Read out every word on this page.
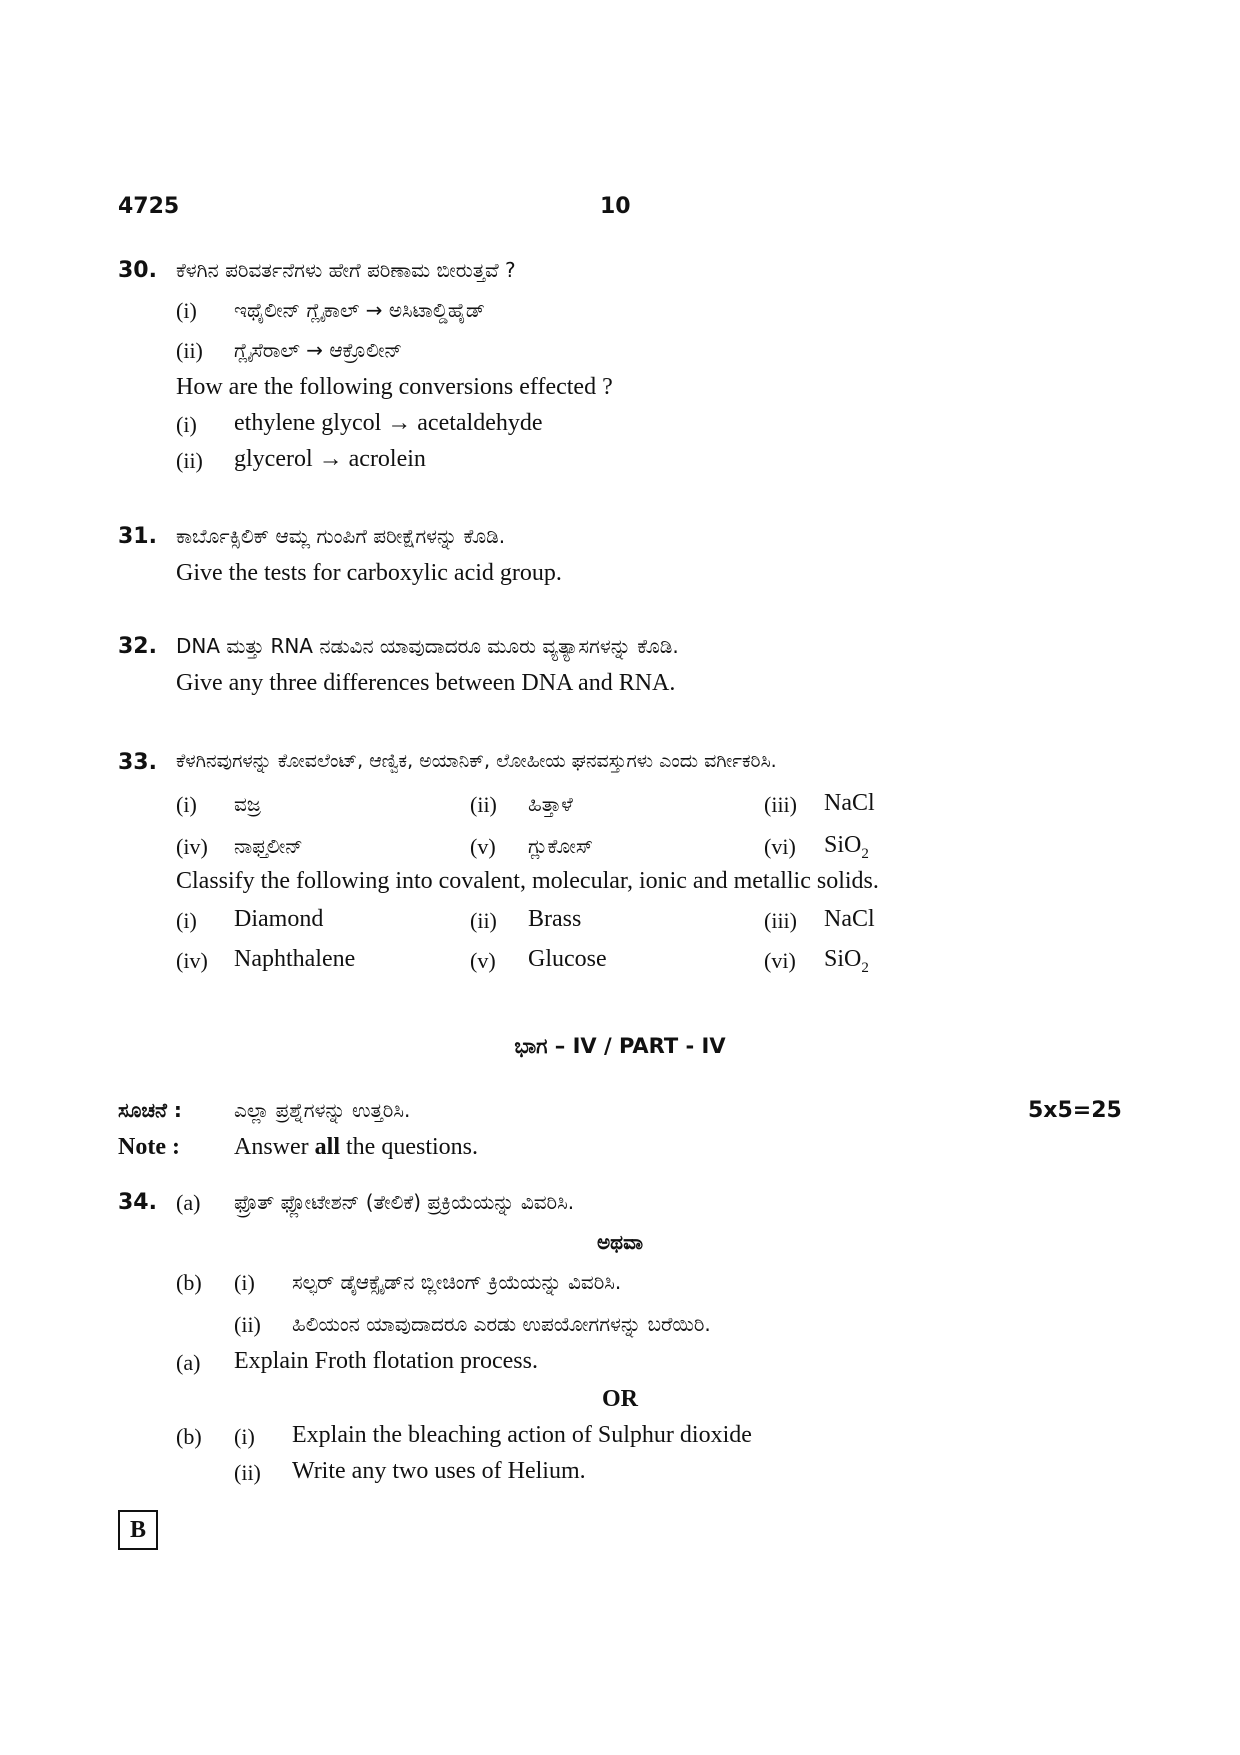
4725	10
30. ಕೆಳಗಿನ ಪರಿವರ್ತನೆಗಳು ಹೇಗೆ ಪರಿಣಾಮ ಬೀರುತ್ತವೆ ?
(i) ಇಥೈಲೀನ್ ಗ್ಲೈಕಾಲ್ → ಅಸಿಟಾಲ್ಡಿಹೈಡ್
(ii) ಗ್ಲೈಸೆರಾಲ್ → ಆಕ್ರೊಲೀನ್
How are the following conversions effected ?
(i) ethylene glycol → acetaldehyde
(ii) glycerol → acrolein
31. ಕಾರ್ಬೊಕ್ಸಿಲಿಕ್ ಆಮ್ಲ ಗುಂಪಿಗೆ ಪರೀಕ್ಷೆಗಳನ್ನು ಕೊಡಿ.
Give the tests for carboxylic acid group.
32. DNA ಮತ್ತು RNA ನಡುವಿನ ಯಾವುದಾದರೂ ಮೂರು ವ್ಯತ್ಯಾಸಗಳನ್ನು ಕೊಡಿ.
Give any three differences between DNA and RNA.
33. ಕೆಳಗಿನವುಗಳನ್ನು ಕೋವಲೆಂಟ್, ಆಣ್ವಿಕ, ಅಯಾನಿಕ್, ಲೋಹೀಯ ಘನವಸ್ತುಗಳು ಎಂದು ವರ್ಗೀಕರಿಸಿ.
(i) ವಜ್ರ	(ii) ಹಿತ್ತಾಳೆ	(iii) NaCl
(iv) ನಾಫ್ತಲೀನ್	(v) ಗ್ಲುಕೋಸ್	(vi) SiO$_2$
Classify the following into covalent, molecular, ionic and metallic solids.
(i) Diamond	(ii) Brass	(iii) NaCl
(iv) Naphthalene	(v) Glucose	(vi) SiO$_2$
ಭಾಗ – IV / PART - IV
ಸೂಚನೆ :	ಎಲ್ಲಾ ಪ್ರಶ್ನೆಗಳನ್ನು ಉತ್ತರಿಸಿ.	5x5=25
Note : Answer all the questions.
34. (a) ಫ್ರೊತ್ ಫ್ಲೋಟೇಶನ್ (ತೇಲಿಕೆ) ಪ್ರಕ್ರಿಯೆಯನ್ನು ವಿವರಿಸಿ.
ಅಥವಾ
(b) (i) ಸಲ್ಫರ್ ಡೈಆಕ್ಸೈಡ್‌ನ ಬ್ಲೀಚಿಂಗ್ ಕ್ರಿಯೆಯನ್ನು ವಿವರಿಸಿ.
(ii) ಹಿಲಿಯಂನ ಯಾವುದಾದರೂ ಎರಡು ಉಪಯೋಗಗಳನ್ನು ಬರೆಯಿರಿ.
(a) Explain Froth flotation process.
OR
(b) (i) Explain the bleaching action of Sulphur dioxide
(ii) Write any two uses of Helium.
B
